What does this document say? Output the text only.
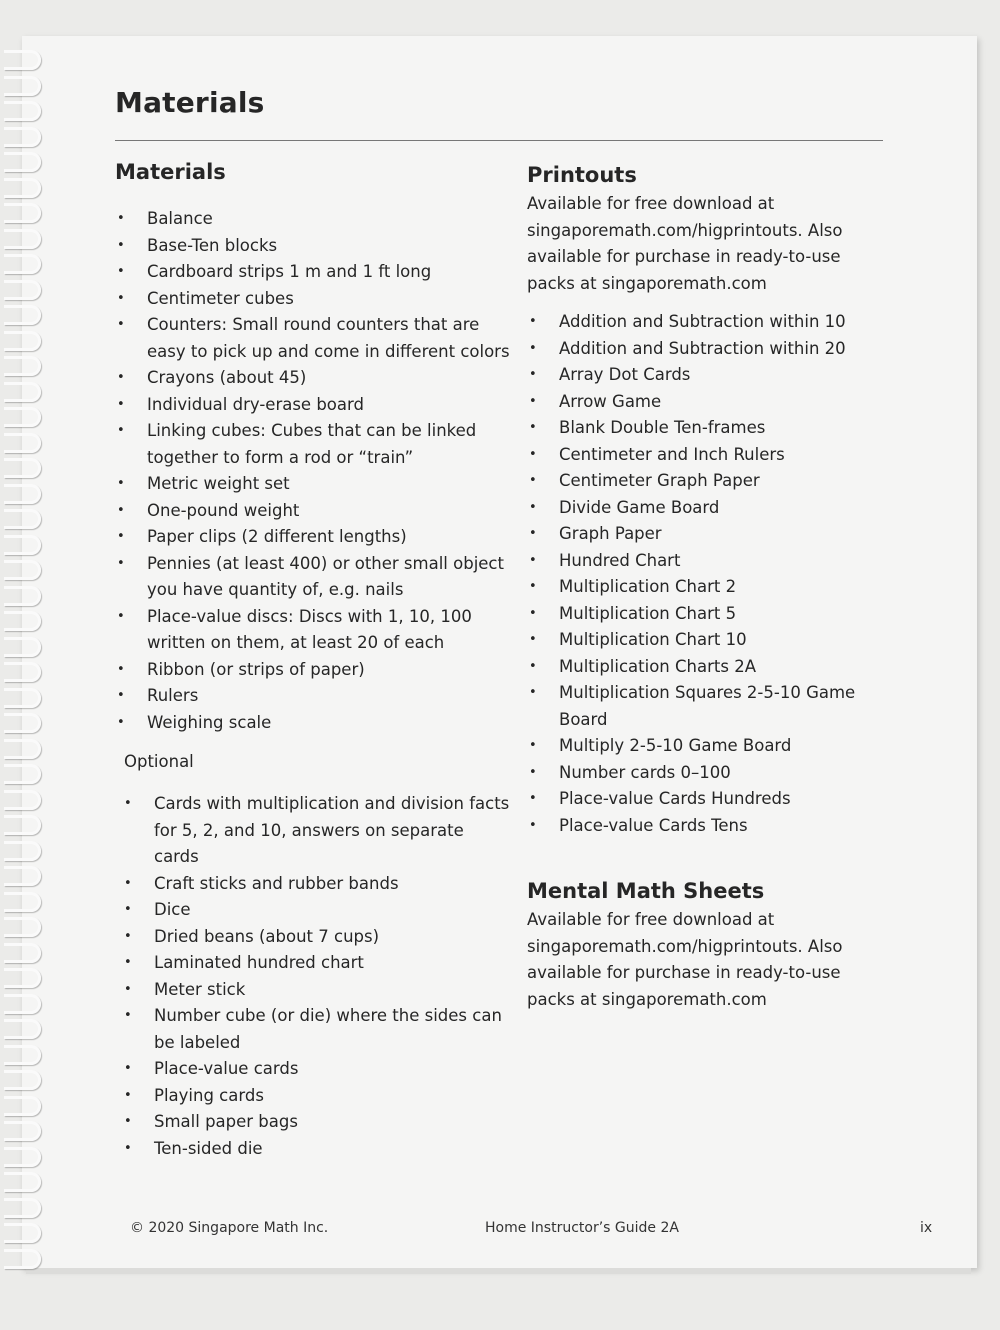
Materials
Materials
• Balance
• Base-Ten blocks
• Cardboard strips 1 m and 1 ft long
• Centimeter cubes
• Counters: Small round counters that are easy to pick up and come in different colors
• Crayons (about 45)
• Individual dry-erase board
• Linking cubes: Cubes that can be linked together to form a rod or “train”
• Metric weight set
• One-pound weight
• Paper clips (2 different lengths)
• Pennies (at least 400) or other small object you have quantity of, e.g. nails
• Place-value discs: Discs with 1, 10, 100 written on them, at least 20 of each
• Ribbon (or strips of paper)
• Rulers
• Weighing scale
Optional
• Cards with multiplication and division facts for 5, 2, and 10, answers on separate cards
• Craft sticks and rubber bands
• Dice
• Dried beans (about 7 cups)
• Laminated hundred chart
• Meter stick
• Number cube (or die) where the sides can be labeled
• Place-value cards
• Playing cards
• Small paper bags
• Ten-sided die
Printouts

Available for free download at singaporemath.com/higprintouts. Also available for purchase in ready-to-use packs at singaporemath.com

• Addition and Subtraction within 10
• Addition and Subtraction within 20
• Array Dot Cards
• Arrow Game
• Blank Double Ten-frames
• Centimeter and Inch Rulers
• Centimeter Graph Paper
• Divide Game Board
• Graph Paper
• Hundred Chart
• Multiplication Chart 2
• Multiplication Chart 5
• Multiplication Chart 10
• Multiplication Charts 2A
• Multiplication Squares 2-5-10 Game Board
• Multiply 2-5-10 Game Board
• Number cards 0–100
• Place-value Cards Hundreds
• Place-value Cards Tens
Mental Math Sheets

Available for free download at singaporemath.com/higprintouts. Also available for purchase in ready-to-use packs at singaporemath.com

© 2020 Singapore Math Inc.	Home Instructor’s Guide 2A	ix
